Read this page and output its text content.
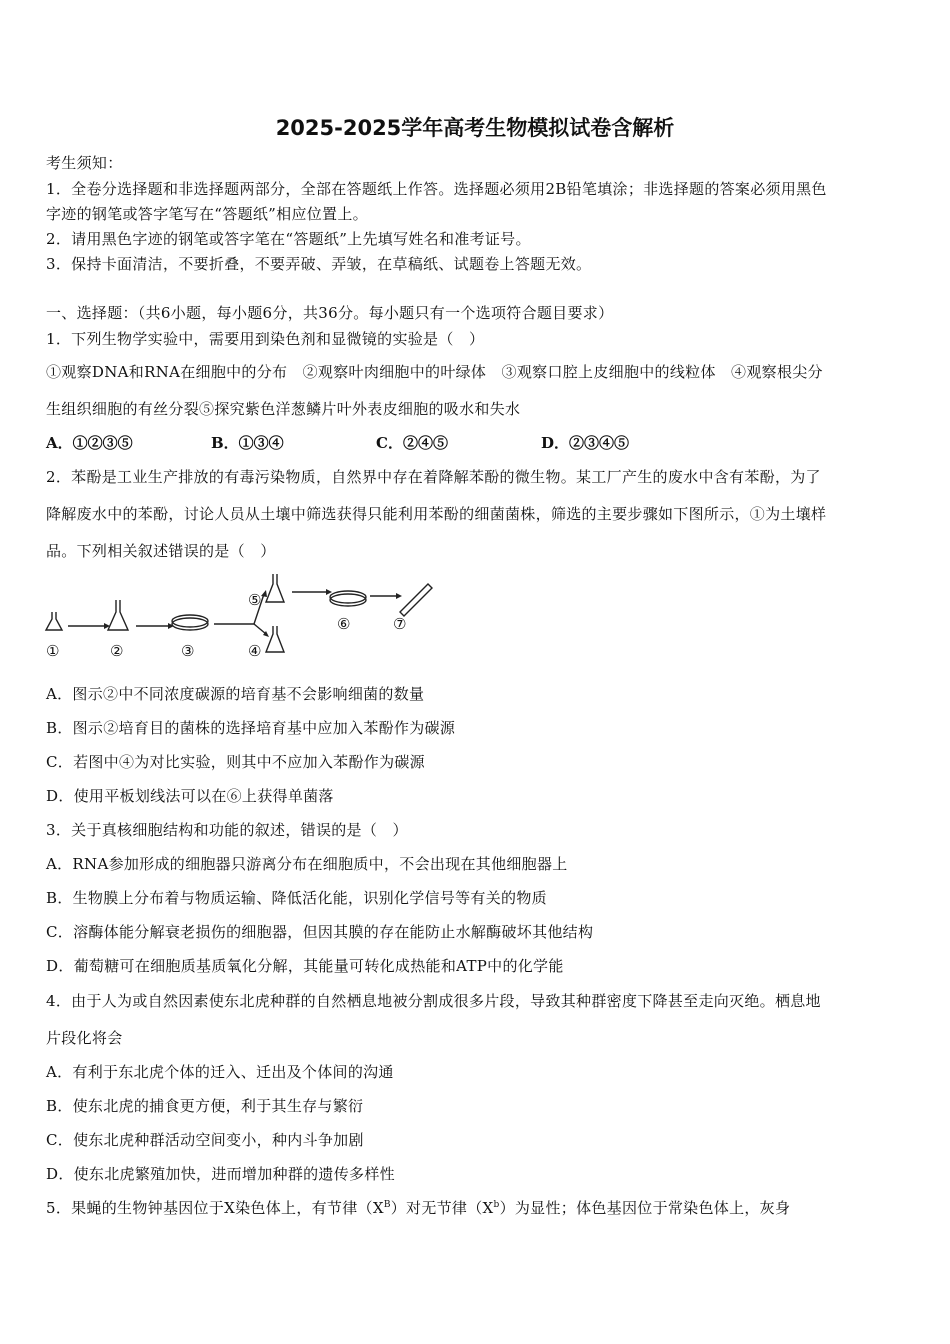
2025-2025学年高考生物模拟试卷含解析
考生须知：
1．全卷分选择题和非选择题两部分，全部在答题纸上作答。选择题必须用2B铅笔填涂；非选择题的答案必须用黑色
字迹的钢笔或答字笔写在“答题纸”相应位置上。
2．请用黑色字迹的钢笔或答字笔在“答题纸”上先填写姓名和准考证号。
3．保持卡面清洁，不要折叠，不要弄破、弄皱，在草稿纸、试题卷上答题无效。
一、选择题：（共6小题，每小题6分，共36分。每小题只有一个选项符合题目要求）
1．下列生物学实验中，需要用到染色剂和显微镜的实验是（　）
①观察DNA和RNA在细胞中的分布　②观察叶肉细胞中的叶绿体　③观察口腔上皮细胞中的线粒体　④观察根尖分
生组织细胞的有丝分裂⑤探究紫色洋葱鳞片叶外表皮细胞的吸水和失水
A．①②③⑤	B．①③④	C．②④⑤	D．②③④⑤
2．苯酚是工业生产排放的有毒污染物质，自然界中存在着降解苯酚的微生物。某工厂产生的废水中含有苯酚，为了
降解废水中的苯酚，讨论人员从土壤中筛选获得只能利用苯酚的细菌菌株，筛选的主要步骤如下图所示，①为土壤样
品。下列相关叙述错误的是（　）
①	②	③	④
⑤
⑥	⑦
A．图示②中不同浓度碳源的培育基不会影响细菌的数量
B．图示②培育目的菌株的选择培育基中应加入苯酚作为碳源
C．若图中④为对比实验，则其中不应加入苯酚作为碳源
D．使用平板划线法可以在⑥上获得单菌落
3．关于真核细胞结构和功能的叙述，错误的是（　）
A．RNA参加形成的细胞器只游离分布在细胞质中，不会出现在其他细胞器上
B．生物膜上分布着与物质运输、降低活化能，识别化学信号等有关的物质
C．溶酶体能分解衰老损伤的细胞器，但因其膜的存在能防止水解酶破坏其他结构
D．葡萄糖可在细胞质基质氧化分解，其能量可转化成热能和ATP中的化学能
4．由于人为或自然因素使东北虎种群的自然栖息地被分割成很多片段，导致其种群密度下降甚至走向灭绝。栖息地
片段化将会
A．有利于东北虎个体的迁入、迁出及个体间的沟通
B．使东北虎的捕食更方便，利于其生存与繁衍
C．使东北虎种群活动空间变小，种内斗争加剧
D．使东北虎繁殖加快，进而增加种群的遗传多样性
5．果蝇的生物钟基因位于X染色体上，有节律$(X^B)$对无节律$(X^b)$为显性；体色基因位于常染色体上，灰身
